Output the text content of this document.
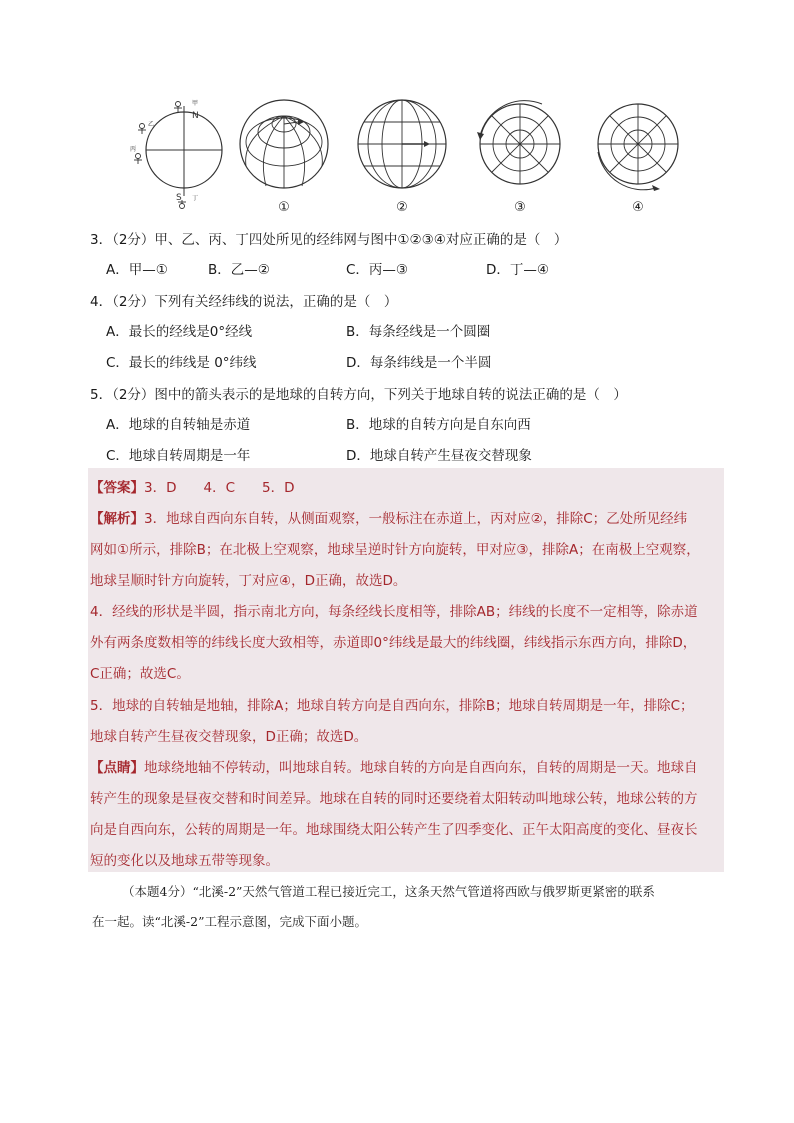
N
S
甲
乙
丙
丁
①	②	③	④
3．（2分）甲、乙、丙、丁四处所见的经纬网与图中①②③④对应正确的是（　）
A．甲—①	B．乙—②	C．丙—③	D．丁—④
4．（2分）下列有关经纬线的说法，正确的是（　）
A．最长的经线是0°经线	B．每条经线是一个圆圈
C．最长的纬线是 0°纬线	D．每条纬线是一个半圆
5．（2分）图中的箭头表示的是地球的自转方向，下列关于地球自转的说法正确的是（　）
A．地球的自转轴是赤道	B．地球的自转方向是自东向西
C．地球自转周期是一年	D．地球自转产生昼夜交替现象
【答案】3．D　　4．C　　5．D
【解析】3．地球自西向东自转，从侧面观察，一般标注在赤道上，丙对应②，排除C；乙处所见经纬
网如①所示，排除B；在北极上空观察，地球呈逆时针方向旋转，甲对应③，排除A；在南极上空观察，
地球呈顺时针方向旋转，丁对应④，D正确，故选D。
4．经线的形状是半圆，指示南北方向，每条经线长度相等，排除AB；纬线的长度不一定相等，除赤道
外有两条度数相等的纬线长度大致相等，赤道即0°纬线是最大的纬线圈，纬线指示东西方向，排除D，
C正确；故选C。
5．地球的自转轴是地轴，排除A；地球自转方向是自西向东，排除B；地球自转周期是一年，排除C；
地球自转产生昼夜交替现象，D正确；故选D。
【点睛】地球绕地轴不停转动，叫地球自转。地球自转的方向是自西向东，自转的周期是一天。地球自
转产生的现象是昼夜交替和时间差异。地球在自转的同时还要绕着太阳转动叫地球公转，地球公转的方
向是自西向东，公转的周期是一年。地球围绕太阳公转产生了四季变化、正午太阳高度的变化、昼夜长
短的变化以及地球五带等现象。
（本题4分）“北溪-2”天然气管道工程已接近完工，这条天然气管道将西欧与俄罗斯更紧密的联系
在一起。读“北溪-2”工程示意图，完成下面小题。
